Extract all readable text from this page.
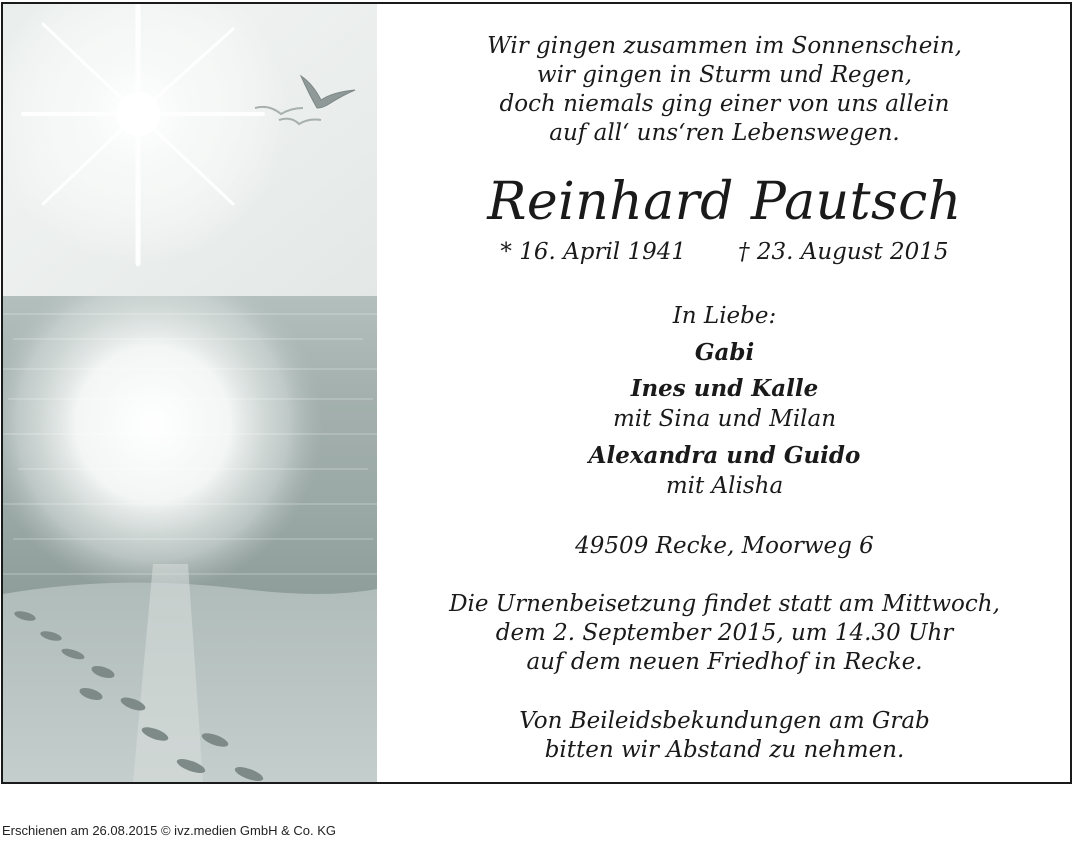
Wir gingen zusammen im Sonnenschein,
wir gingen in Sturm und Regen,
doch niemals ging einer von uns allein
auf all‘ uns‘ren Lebenswegen.
Reinhard Pautsch
* 16. April 1941 † 23. August 2015
In Liebe:
Gabi
Ines und Kalle
mit Sina und Milan
Alexandra und Guido
mit Alisha
49509 Recke, Moorweg 6
Die Urnenbeisetzung findet statt am Mittwoch,
dem 2. September 2015, um 14.30 Uhr
auf dem neuen Friedhof in Recke.
Von Beileidsbekundungen am Grab
bitten wir Abstand zu nehmen.
Erschienen am 26.08.2015 © ivz.medien GmbH & Co. KG
